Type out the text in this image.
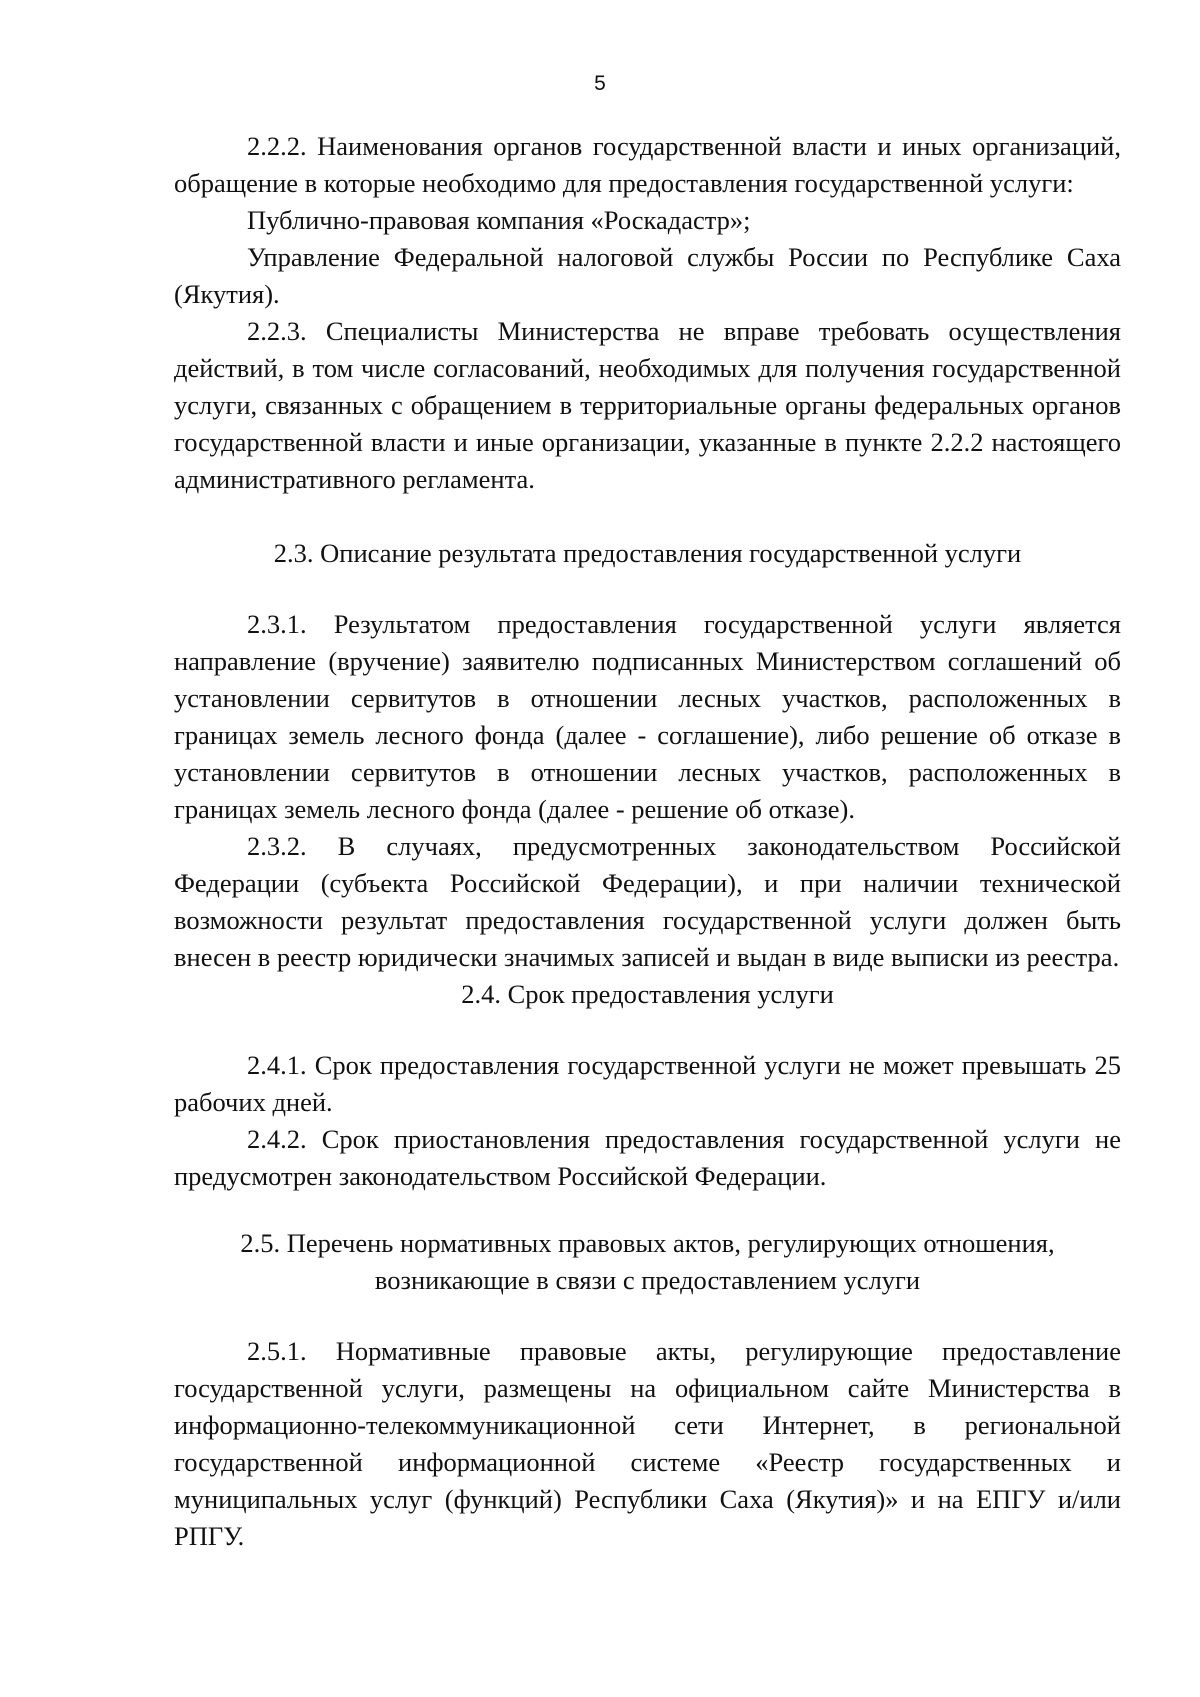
5

2.2.2. Наименования органов государственной власти и иных организаций, обращение в которые необходимо для предоставления государственной услуги:

Публично-правовая компания «Роскадастр»;

Управление Федеральной налоговой службы России по Республике Саха (Якутия).

2.2.3. Специалисты Министерства не вправе требовать осуществления действий, в том числе согласований, необходимых для получения государственной услуги, связанных с обращением в территориальные органы федеральных органов государственной власти и иные организации, указанные в пункте 2.2.2 настоящего административного регламента.

2.3. Описание результата предоставления государственной услуги

2.3.1. Результатом предоставления государственной услуги является направление (вручение) заявителю подписанных Министерством соглашений об установлении сервитутов в отношении лесных участков, расположенных в границах земель лесного фонда (далее - соглашение), либо решение об отказе в установлении сервитутов в отношении лесных участков, расположенных в границах земель лесного фонда (далее - решение об отказе).

2.3.2. В случаях, предусмотренных законодательством Российской Федерации (субъекта Российской Федерации), и при наличии технической возможности результат предоставления государственной услуги должен быть внесен в реестр юридически значимых записей и выдан в виде выписки из реестра.

2.4. Срок предоставления услуги

2.4.1. Срок предоставления государственной услуги не может превышать 25 рабочих дней.

2.4.2. Срок приостановления предоставления государственной услуги не предусмотрен законодательством Российской Федерации.

2.5. Перечень нормативных правовых актов, регулирующих отношения,

возникающие в связи с предоставлением услуги

2.5.1. Нормативные правовые акты, регулирующие предоставление государственной услуги, размещены на официальном сайте Министерства в информационно-телекоммуникационной сети Интернет, в региональной государственной информационной системе «Реестр государственных и муниципальных услуг (функций) Республики Саха (Якутия)» и на ЕПГУ и/или РПГУ.
